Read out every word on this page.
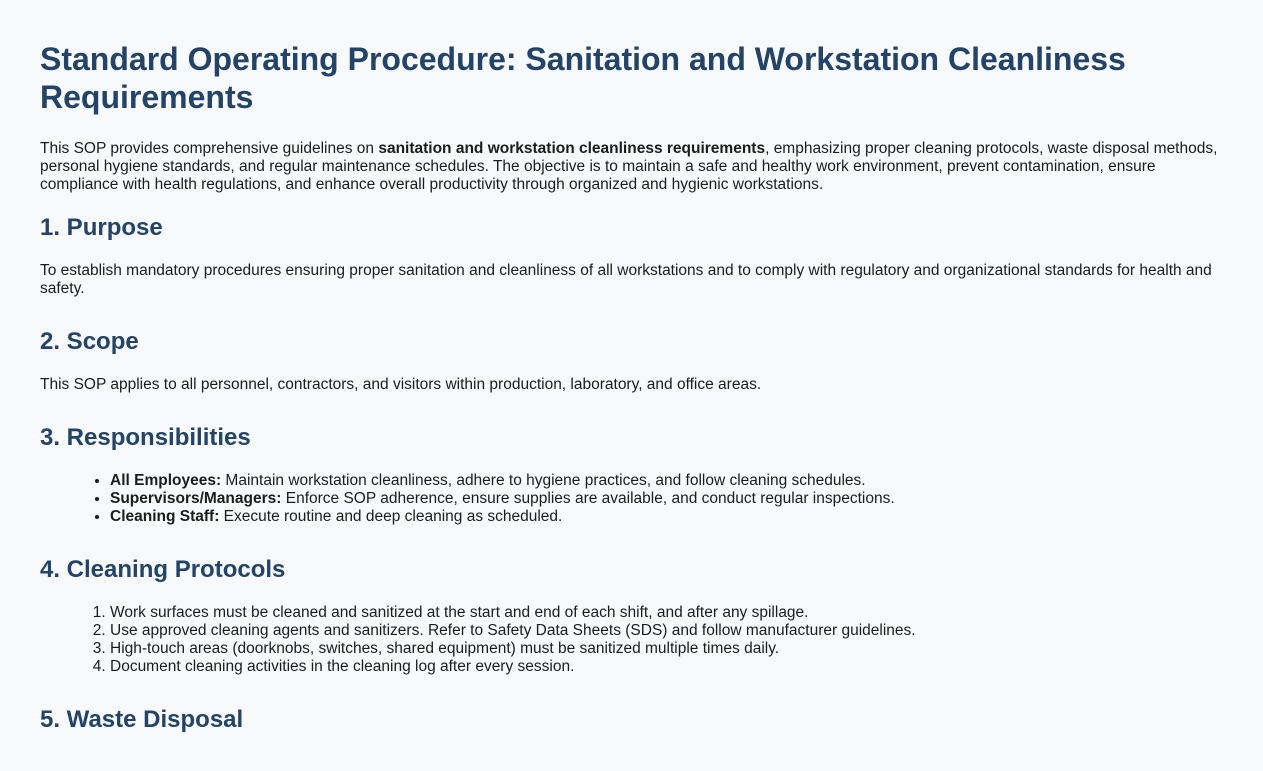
Standard Operating Procedure: Sanitation and Workstation Cleanliness Requirements

This SOP provides comprehensive guidelines on sanitation and workstation cleanliness requirements, emphasizing proper cleaning protocols, waste disposal methods, personal hygiene standards, and regular maintenance schedules. The objective is to maintain a safe and healthy work environment, prevent contamination, ensure compliance with health regulations, and enhance overall productivity through organized and hygienic workstations.

1. Purpose

To establish mandatory procedures ensuring proper sanitation and cleanliness of all workstations and to comply with regulatory and organizational standards for health and safety.

2. Scope

This SOP applies to all personnel, contractors, and visitors within production, laboratory, and office areas.

3. Responsibilities
• All Employees: Maintain workstation cleanliness, adhere to hygiene practices, and follow cleaning schedules.
• Supervisors/Managers: Enforce SOP adherence, ensure supplies are available, and conduct regular inspections.
• Cleaning Staff: Execute routine and deep cleaning as scheduled.
4. Cleaning Protocols
1. Work surfaces must be cleaned and sanitized at the start and end of each shift, and after any spillage.
2. Use approved cleaning agents and sanitizers. Refer to Safety Data Sheets (SDS) and follow manufacturer guidelines.
3. High-touch areas (doorknobs, switches, shared equipment) must be sanitized multiple times daily.
4. Document cleaning activities in the cleaning log after every session.
5. Waste Disposal
